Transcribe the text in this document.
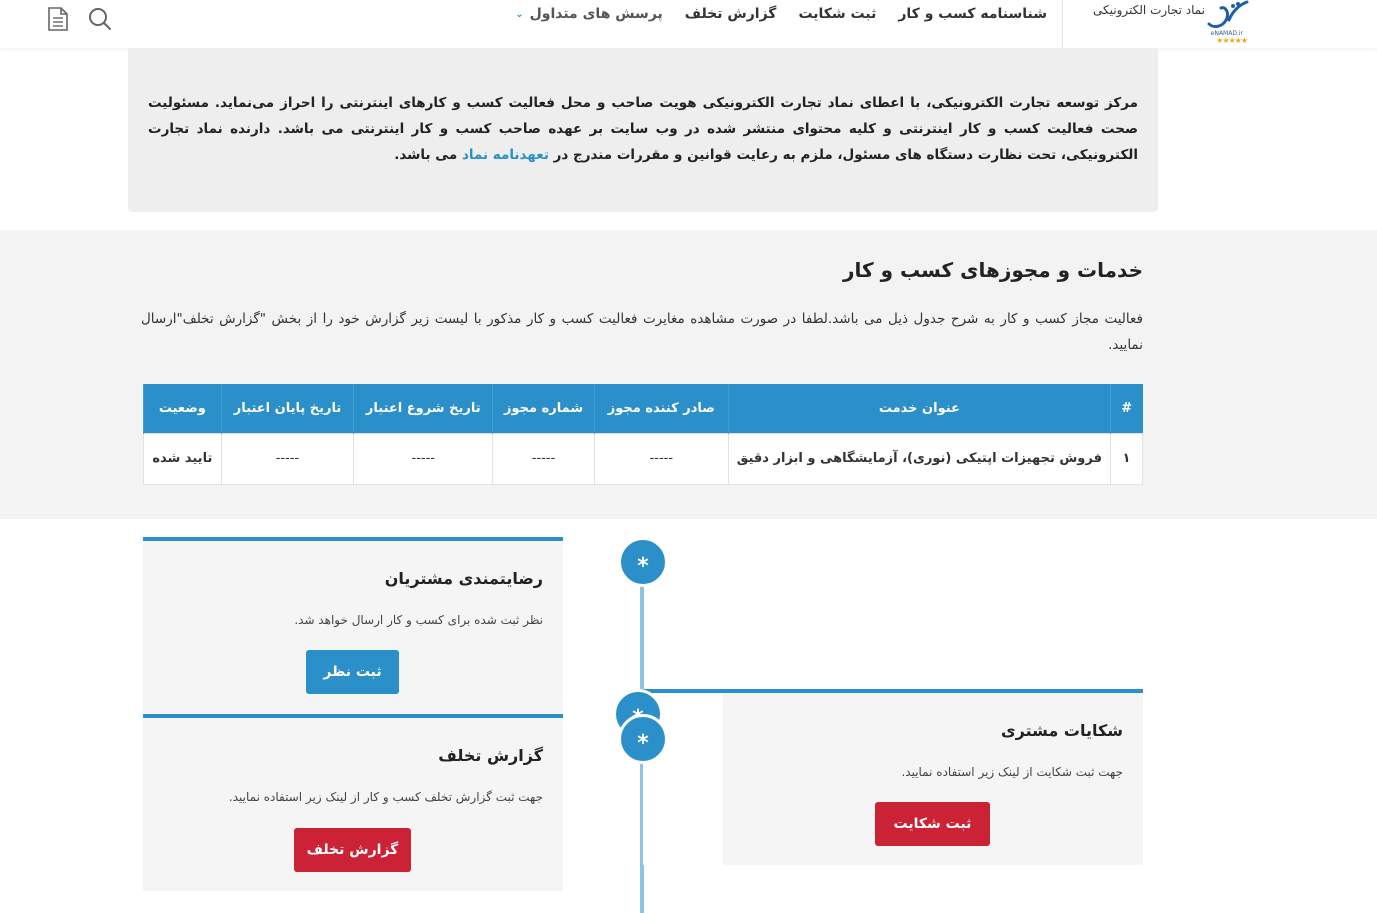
نماد تجارت الکترونیکی
eNAMAD.ir
★★★★★
شناسنامه کسب و کار
ثبت شکایت
گزارش تخلف
پرسش های متداول
⌄

مرکز توسعه تجارت الکترونیکی، با اعطای نماد تجارت الکترونیکی هویت صاحب و محل فعالیت کسب و کارهای اینترنتی را احراز می‌نماید. مسئولیت صحت فعالیت کسب و کار اینترنتی و کلیه محتوای منتشر شده در وب سایت بر عهده صاحب کسب و کار اینترنتی می باشد. دارنده نماد تجارت الکترونیکی، تحت نظارت دستگاه های مسئول، ملزم به رعایت قوانین و مقررات مندرج در تعهدنامه نماد می باشد.

خدمات و مجوزهای کسب و کار

فعالیت مجاز کسب و کار به شرح جدول ذیل می باشد.لطفا در صورت مشاهده مغایرت فعالیت کسب و کار مذکور با لیست زیر گزارش خود را از بخش "گزارش تخلف"ارسال نمایید.

#	عنوان خدمت	صادر کننده مجوز	شماره مجوز	تاریخ شروع اعتبار	تاریخ پایان اعتبار	وضعیت
۱	فروش تجهیزات اپتیکی (نوری)، آزمایشگاهی و ابزار دقیق	-----	-----	-----	-----	تایید شده
رضایتمندی مشتریان
نظر ثبت شده برای کسب و کار ارسال خواهد شد.
ثبت نظر
شکایات مشتری
جهت ثبت شکایت از لینک زیر استفاده نمایید.
ثبت شکایت
گزارش تخلف
جهت ثبت گزارش تخلف کسب و کار از لینک زیر استفاده نمایید.
گزارش تخلف
*
*
